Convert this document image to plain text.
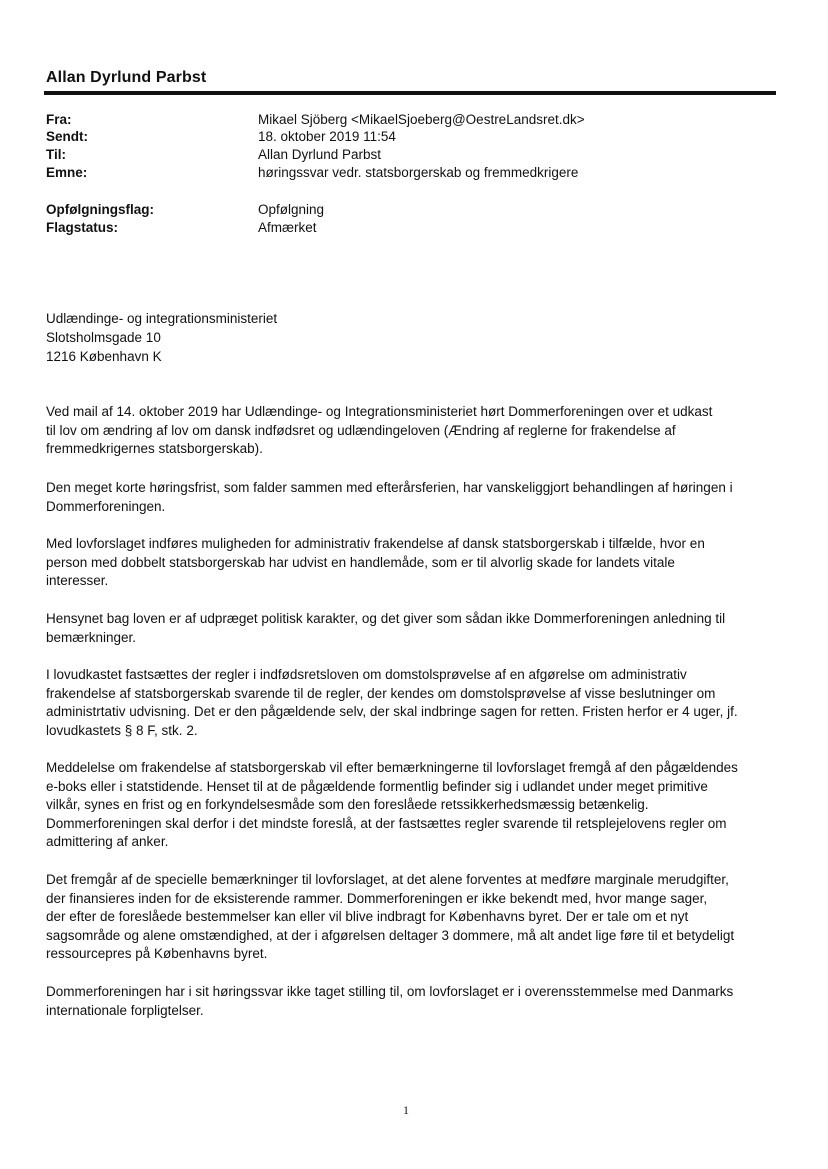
Allan Dyrlund Parbst
Fra:	Mikael Sjöberg <MikaelSjoeberg@OestreLandsret.dk>
Sendt:	18. oktober 2019 11:54
Til:	Allan Dyrlund Parbst
Emne:	høringssvar vedr. statsborgerskab og fremmedkrigere
Opfølgningsflag:	Opfølgning
Flagstatus:	Afmærket
Udlændinge- og integrationsministeriet
Slotsholmsgade 10
1216 København K
Ved mail af 14. oktober 2019 har Udlændinge- og Integrationsministeriet hørt Dommerforeningen over et udkast
til lov om ændring af lov om dansk indfødsret og udlændingeloven (Ændring af reglerne for frakendelse af
fremmedkrigernes statsborgerskab).
Den meget korte høringsfrist, som falder sammen med efterårsferien, har vanskeliggjort behandlingen af høringen i
Dommerforeningen.
Med lovforslaget indføres muligheden for administrativ frakendelse af dansk statsborgerskab i tilfælde, hvor en
person med dobbelt statsborgerskab har udvist en handlemåde, som er til alvorlig skade for landets vitale
interesser.
Hensynet bag loven er af udpræget politisk karakter, og det giver som sådan ikke Dommerforeningen anledning til
bemærkninger.
I lovudkastet fastsættes der regler i indfødsretsloven om domstolsprøvelse af en afgørelse om administrativ
frakendelse af statsborgerskab svarende til de regler, der kendes om domstolsprøvelse af visse beslutninger om
administrtativ udvisning. Det er den pågældende selv, der skal indbringe sagen for retten. Fristen herfor er 4 uger, jf.
lovudkastets § 8 F, stk. 2.
Meddelelse om frakendelse af statsborgerskab vil efter bemærkningerne til lovforslaget fremgå af den pågældendes
e-boks eller i statstidende. Henset til at de pågældende formentlig befinder sig i udlandet under meget primitive
vilkår, synes en frist og en forkyndelsesmåde som den foreslåede retssikkerhedsmæssig betænkelig.
Dommerforeningen skal derfor i det mindste foreslå, at der fastsættes regler svarende til retsplejelovens regler om
admittering af anker.
Det fremgår af de specielle bemærkninger til lovforslaget, at det alene forventes at medføre marginale merudgifter,
der finansieres inden for de eksisterende rammer. Dommerforeningen er ikke bekendt med, hvor mange sager,
der efter de foreslåede bestemmelser kan eller vil blive indbragt for Københavns byret. Der er tale om et nyt
sagsområde og alene omstændighed, at der i afgørelsen deltager 3 dommere, må alt andet lige føre til et betydeligt
ressourcepres på Københavns byret.
Dommerforeningen har i sit høringssvar ikke taget stilling til, om lovforslaget er i overensstemmelse med Danmarks
internationale forpligtelser.
1
